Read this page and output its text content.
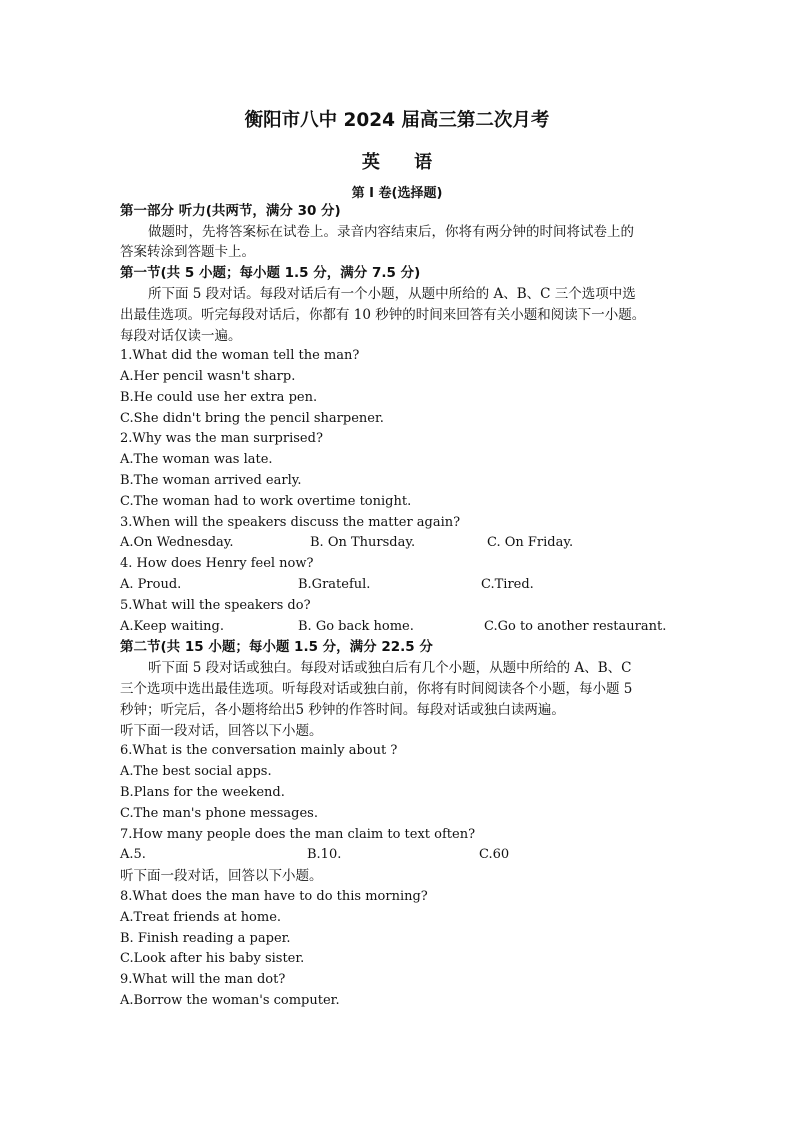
衡阳市八中 2024 届高三第二次月考
英 语
第 I 卷(选择题)
第一部分 听力(共两节，满分 30 分)
做题时，先将答案标在试卷上。录音内容结束后，你将有两分钟的时间将试卷上的
答案转涂到答题卡上。
第一节(共 5 小题；每小题 1.5 分，满分 7.5 分)
所下面 5 段对话。每段对话后有一个小题，从题中所给的 A、B、C 三个选项中选
出最佳选项。听完每段对话后，你都有 10 秒钟的时间来回答有关小题和阅读下一小题。
每段对话仅读一遍。
1.What did the woman tell the man?
A.Her pencil wasn't sharp.
B.He could use her extra pen.
C.She didn't bring the pencil sharpener.
2.Why was the man surprised?
A.The woman was late.
B.The woman arrived early.
C.The woman had to work overtime tonight.
3.When will the speakers discuss the matter again?
A.On Wednesday.	B. On Thursday.	C. On Friday.
4. How does Henry feel now?
A. Proud.	B.Grateful.	C.Tired.
5.What will the speakers do?
A.Keep waiting.	B. Go back home.	C.Go to another restaurant.
第二节(共 15 小题；每小题 1.5 分，满分 22.5 分
听下面 5 段对话或独白。每段对话或独白后有几个小题，从题中所给的 A、B、C
三个选项中选出最佳选项。听每段对话或独白前，你将有时间阅读各个小题，每小题 5
秒钟；听完后，各小题将给出5 秒钟的作答时间。每段对话或独白读两遍。
听下面一段对话，回答以下小题。
6.What is the conversation mainly about ?
A.The best social apps.
B.Plans for the weekend.
C.The man's phone messages.
7.How many people does the man claim to text often?
A.5.	B.10.	C.60
听下面一段对话，回答以下小题。
8.What does the man have to do this morning?
A.Treat friends at home.
B. Finish reading a paper.
C.Look after his baby sister.
9.What will the man dot?
A.Borrow the woman's computer.
